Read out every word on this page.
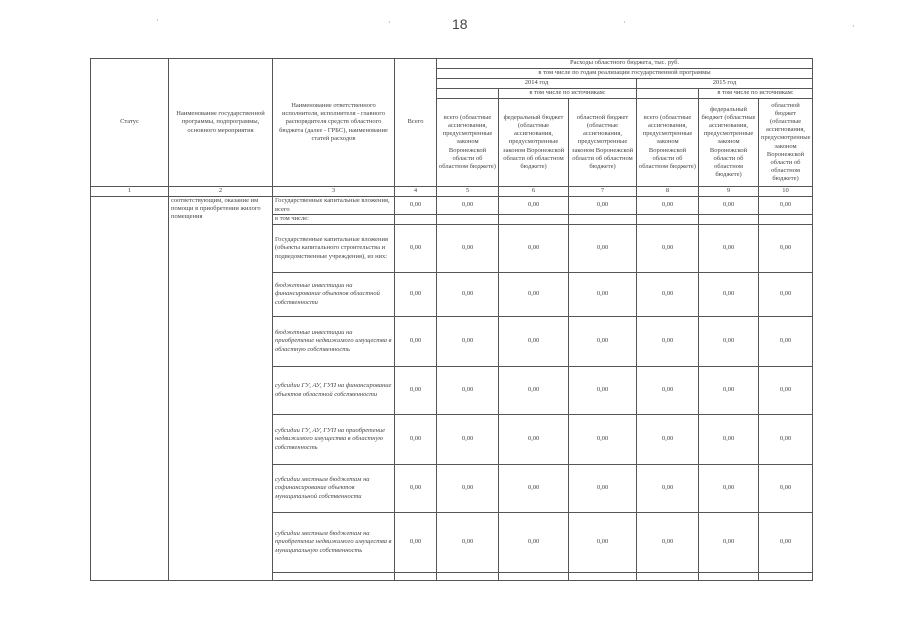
18
·	·	·	·
Статус	Наименование государственной программы, подпрограммы, основного мероприятия	Наименование ответственного исполнителя, исполнителя - главного распорядителя средств областного бюджета (далее - ГРБС), наименование статей расходов	Всего	Расходы областного бюджета, тыс. руб.					
				в том числе по годам реализации государственной программы					
				2014 год			2015 год		
					в том числе по источникам:			в том числе по источникам:	
				всего (областные ассигнования, предусмотренные законом Воронежской области об областном бюджете)	федеральный бюджет (областные ассигнования, предусмотренные законом Воронежской области об областном бюджете)	областной бюджет (областные ассигнования, предусмотренные законом Воронежской области об областном бюджете)	всего (областные ассигнования, предусмотренные законом Воронежской области об областном бюджете)	федеральный бюджет (областные ассигнования, предусмотренные законом Воронежской области об областном бюджете)	областной бюджет (областные ассигнования, предусмотренные законом Воронежской области об областном бюджете)
1	2	3	4	5	6	7	8	9	10
	соответствующим, оказание им помощи в приобретении жилого помещения	Государственные капитальные вложения, всего	0,00	0,00	0,00	0,00	0,00	0,00	0,00
		в том числе:							
		Государственные капитальные вложения (объекты капитального строительства и подведомственные учреждения), из них:	0,00	0,00	0,00	0,00	0,00	0,00	0,00
		бюджетные инвестиции на финансирование объектов областной собственности	0,00	0,00	0,00	0,00	0,00	0,00	0,00
		бюджетные инвестиции на приобретение недвижимого имущества в областную собственность	0,00	0,00	0,00	0,00	0,00	0,00	0,00
		субсидии ГУ, АУ, ГУП на финансирование объектов областной собственности	0,00	0,00	0,00	0,00	0,00	0,00	0,00
		субсидии ГУ, АУ, ГУП на приобретение недвижимого имущества в областную собственность	0,00	0,00	0,00	0,00	0,00	0,00	0,00
		субсидии местным бюджетам на софинансирование объектов муниципальной собственности	0,00	0,00	0,00	0,00	0,00	0,00	0,00
		субсидии местным бюджетам на приобретение недвижимого имущества в муниципальную собственность	0,00	0,00	0,00	0,00	0,00	0,00	0,00
